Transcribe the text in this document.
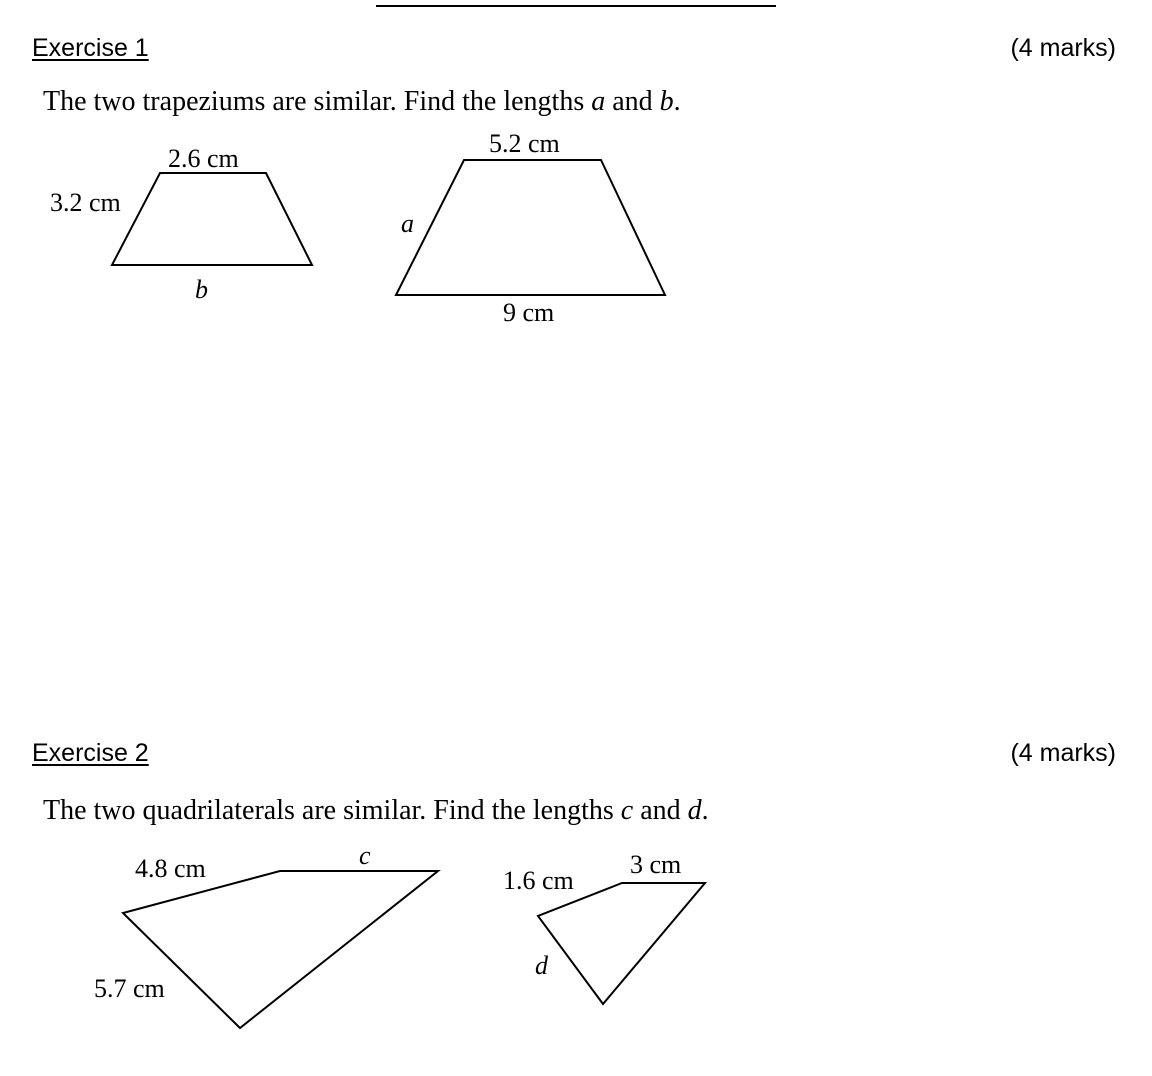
Exercise 1	(4 marks)
The two trapeziums are similar. Find the lengths a and b.
2.6 cm
3.2 cm
b
5.2 cm
a
9 cm
Exercise 2	(4 marks)
The two quadrilaterals are similar. Find the lengths c and d.
4.8 cm	c
5.7 cm
1.6 cm
3 cm
d
